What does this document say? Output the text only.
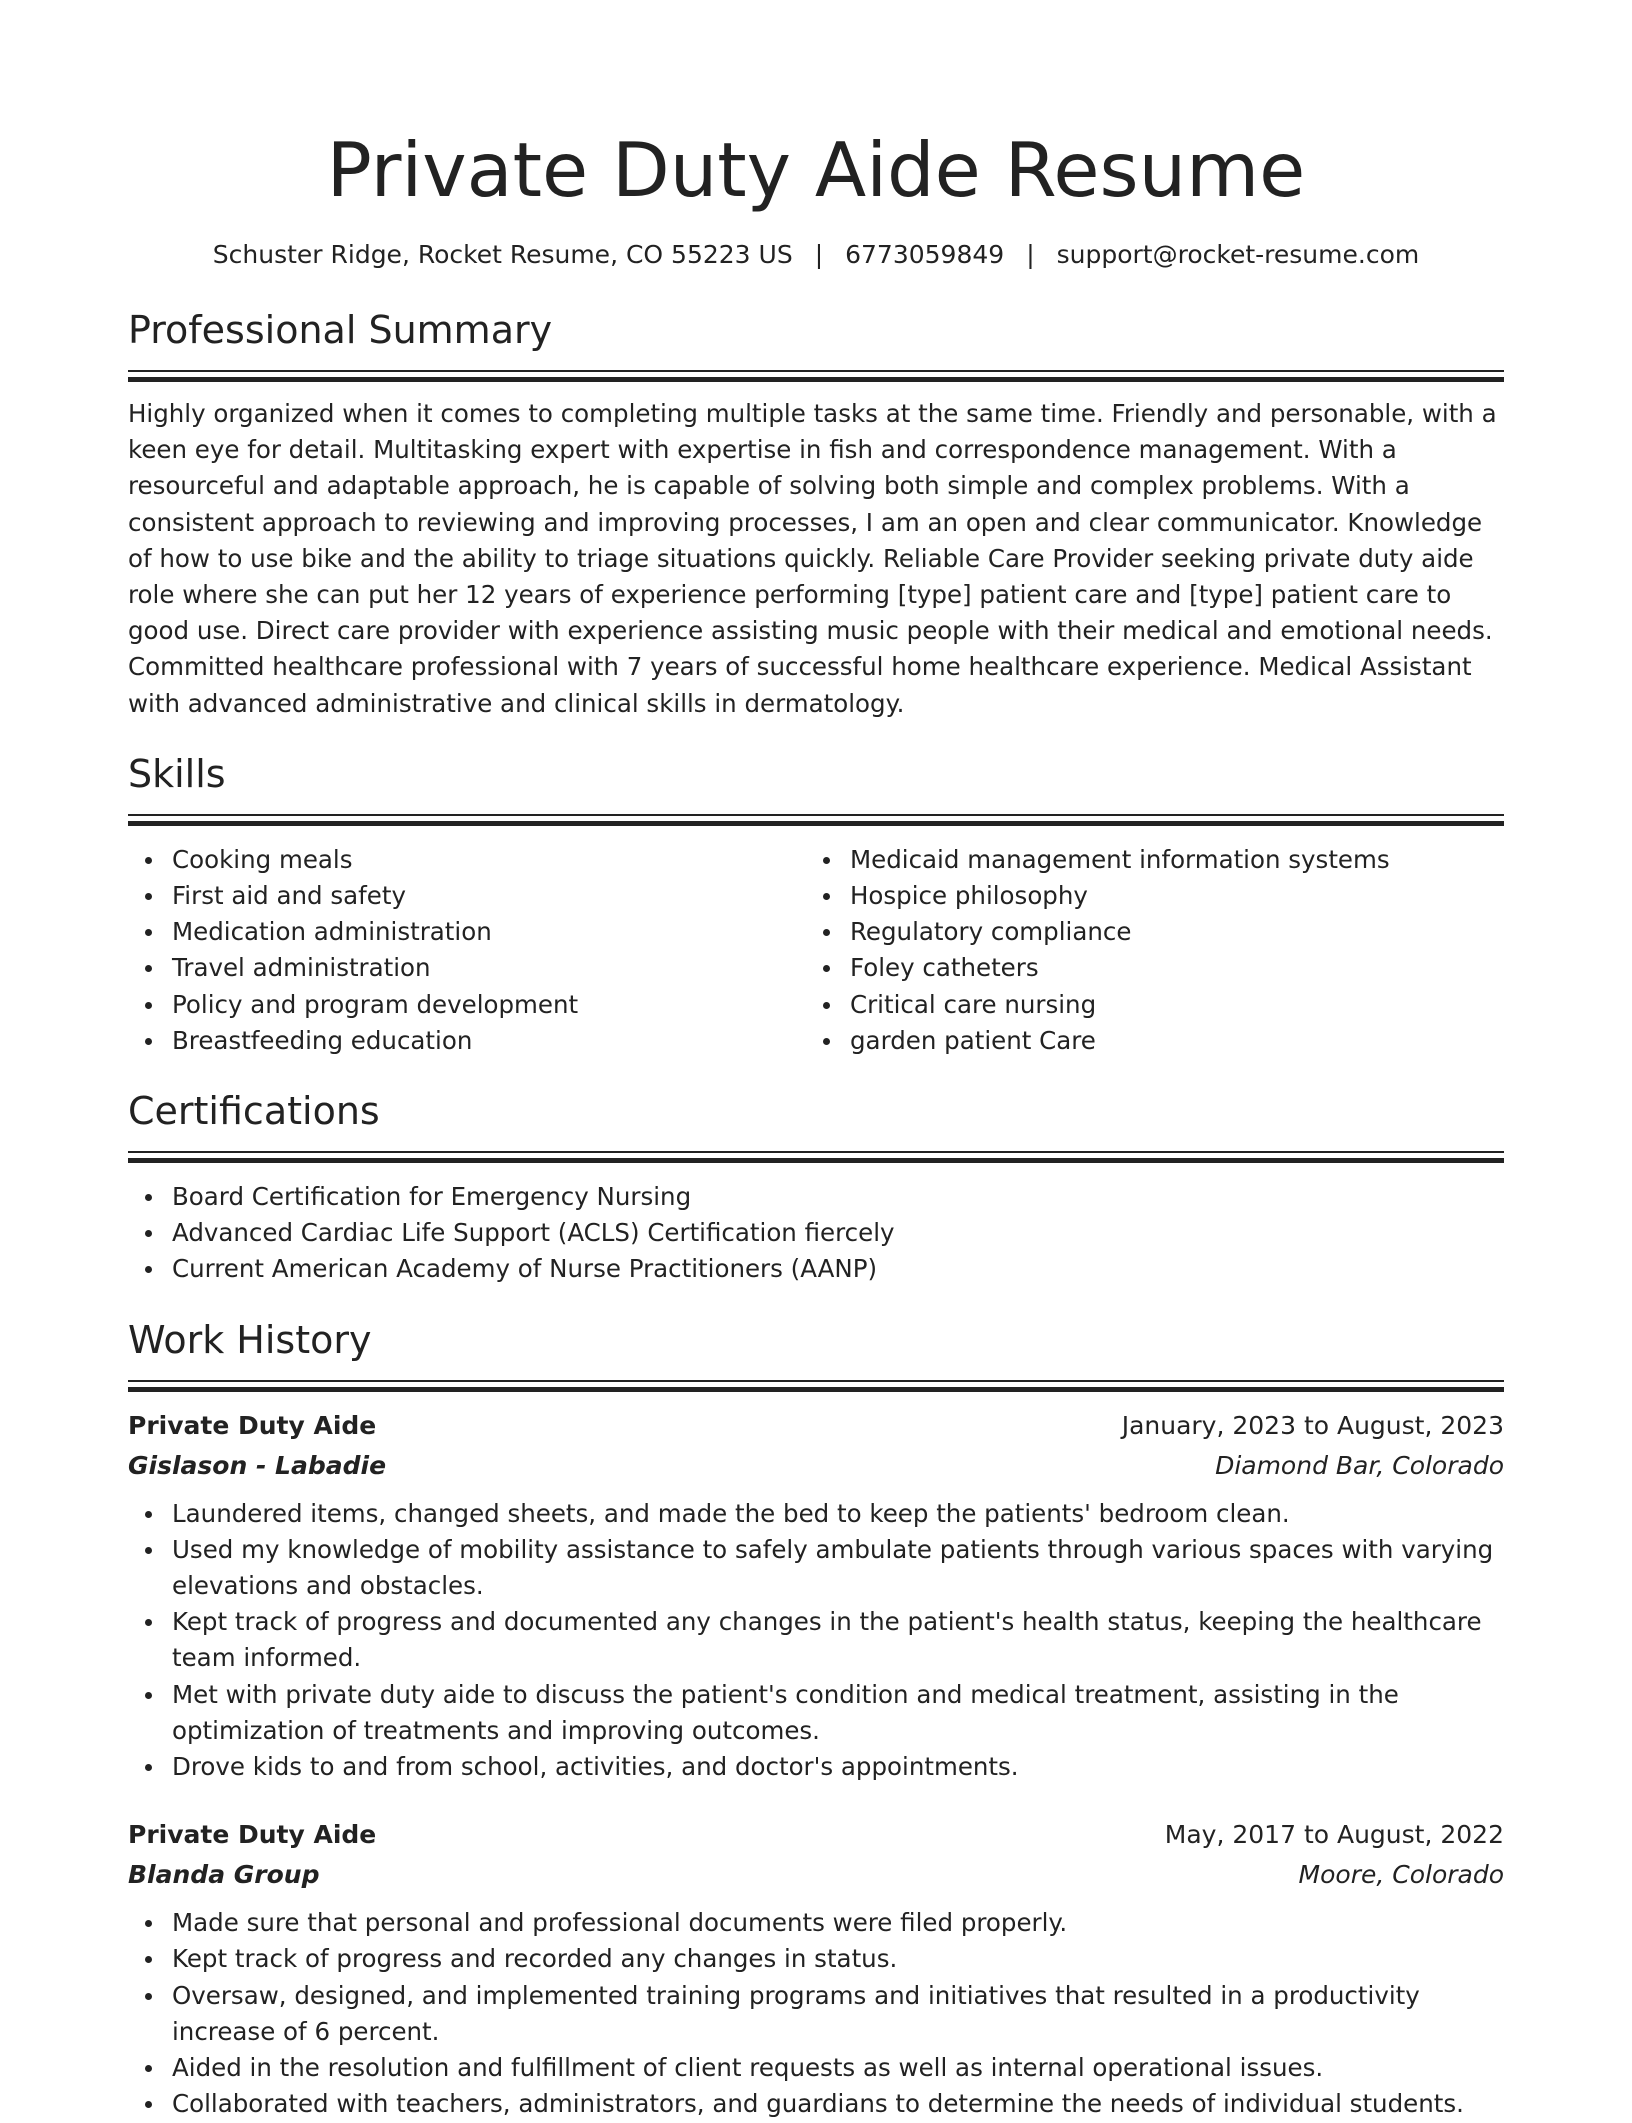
Private Duty Aide Resume
Schuster Ridge, Rocket Resume, CO 55223 US | 6773059849 | support@rocket-resume.com
Professional Summary
Highly organized when it comes to completing multiple tasks at the same time. Friendly and personable, with a keen eye for detail. Multitasking expert with expertise in fish and correspondence management. With a resourceful and adaptable approach, he is capable of solving both simple and complex problems. With a consistent approach to reviewing and improving processes, I am an open and clear communicator. Knowledge of how to use bike and the ability to triage situations quickly. Reliable Care Provider seeking private duty aide role where she can put her 12 years of experience performing [type] patient care and [type] patient care to good use. Direct care provider with experience assisting music people with their medical and emotional needs. Committed healthcare professional with 7 years of successful home healthcare experience. Medical Assistant with advanced administrative and clinical skills in dermatology.
Skills
Cooking meals
First aid and safety
Medication administration
Travel administration
Policy and program development
Breastfeeding education
Medicaid management information systems
Hospice philosophy
Regulatory compliance
Foley catheters
Critical care nursing
garden patient Care
Certifications
Board Certification for Emergency Nursing
Advanced Cardiac Life Support (ACLS) Certification fiercely
Current American Academy of Nurse Practitioners (AANP)
Work History
Private Duty Aide	January, 2023 to August, 2023
Gislason - Labadie	Diamond Bar, Colorado
Laundered items, changed sheets, and made the bed to keep the patients' bedroom clean.
Used my knowledge of mobility assistance to safely ambulate patients through various spaces with varying elevations and obstacles.
Kept track of progress and documented any changes in the patient's health status, keeping the healthcare team informed.
Met with private duty aide to discuss the patient's condition and medical treatment, assisting in the optimization of treatments and improving outcomes.
Drove kids to and from school, activities, and doctor's appointments.
Private Duty Aide	May, 2017 to August, 2022
Blanda Group	Moore, Colorado
Made sure that personal and professional documents were filed properly.
Kept track of progress and recorded any changes in status.
Oversaw, designed, and implemented training programs and initiatives that resulted in a productivity increase of 6 percent.
Aided in the resolution and fulfillment of client requests as well as internal operational issues.
Collaborated with teachers, administrators, and guardians to determine the needs of individual students.
